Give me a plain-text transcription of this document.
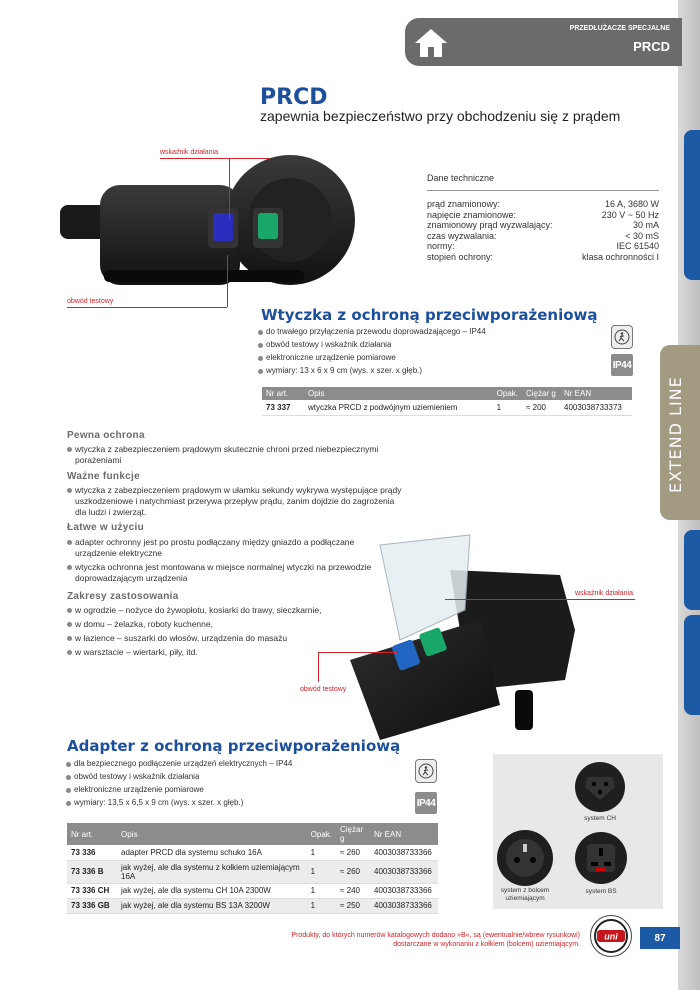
EXTEND LINE
PRZEDŁUŻACZE SPECJALNE
PRCD
PRCD
zapewnia bezpieczeństwo przy obchodzeniu się z prądem
wskaźnik działania
obwód testowy
Dane techniczne
prąd znamionowy:	16 A, 3680 W
napięcie znamionowe:	230 V ~ 50 Hz
znamionowy prąd wyzwalający:	30 mA
czas wyzwalania:	< 30 mS
normy:	IEC 61540
stopień ochrony:	klasa ochronności I
Wtyczka z ochroną przeciwporażeniową
do trwałego przyłączenia przewodu doprowadzającego – IP44
obwód testowy i wskaźnik działania
elektroniczne urządzenie pomiarowe
wymiary: 13 x 6 x 9 cm (wys. x szer. x głęb.)	IP44
Nr art.	Opis	Opak.	Ciężar g	Nr EAN
73 337	wtyczka PRCD z podwójnym uziemieniem	1	≈ 200	4003038733373
Pewna ochrona
wtyczka z zabezpieczeniem prądowym skutecznie chroni przed niebezpiecznymi porażeniami
Ważne funkcje
wtyczka z zabezpieczeniem prądowym w ułamku sekundy wykrywa występujące prądy uszkodzeniowe i natychmiast przerywa przepływ prądu, zanim dojdzie do zagrożenia dla ludzi i zwierząt.
Łatwe w użyciu
adapter ochronny jest po prostu podłączany między gniazdo a podłączane urządzenie elektryczne
wtyczka ochronna jest montowana w miejsce normalnej wtyczki na przewodzie doprowadzającym urządzenia
Zakresy zastosowania
w ogrodzie – nożyce do żywopłotu, kosiarki do trawy, sieczkarnie,
w domu – żelazka, roboty kuchenne,
w łazience – suszarki do włosów, urządzenia do masażu
w warsztacie – wiertarki, piły, itd.
wskaźnik działania
obwód testowy
Adapter z ochroną przeciwporażeniową
dla bezpiecznego podłączenie urządzeń elektrycznych – IP44
obwód testowy i wskaźnik działania
elektroniczne urządzenie pomiarowe
wymiary: 13,5 x 6,5 x 9 cm (wys. x szer. x głęb.)	IP44
Nr art.	Opis	Opak.	Ciężar g	Nr EAN
73 336	adapter PRCD dla systemu schuko 16A	1	≈ 260	4003038733366
73 336 B	jak wyżej, ale dla systemu z kołkiem uziemiającym 16A	1	≈ 260	4003038733366
73 336 CH	jak wyżej, ale dla systemu CH 10A 2300W	1	≈ 240	4003038733366
73 336 GB	jak wyżej, ale dla systemu BS 13A 3200W	1	≈ 250	4003038733366
system CH
system z bolcem uziemiającym
system BS
Produkty, do których numerów katalogowych dodano »B«, są (ewentualnie/wbrew rysunkowi)
dostarczane w wykonaniu z kołkiem (bolcem) uziemiającym.
uni	87
